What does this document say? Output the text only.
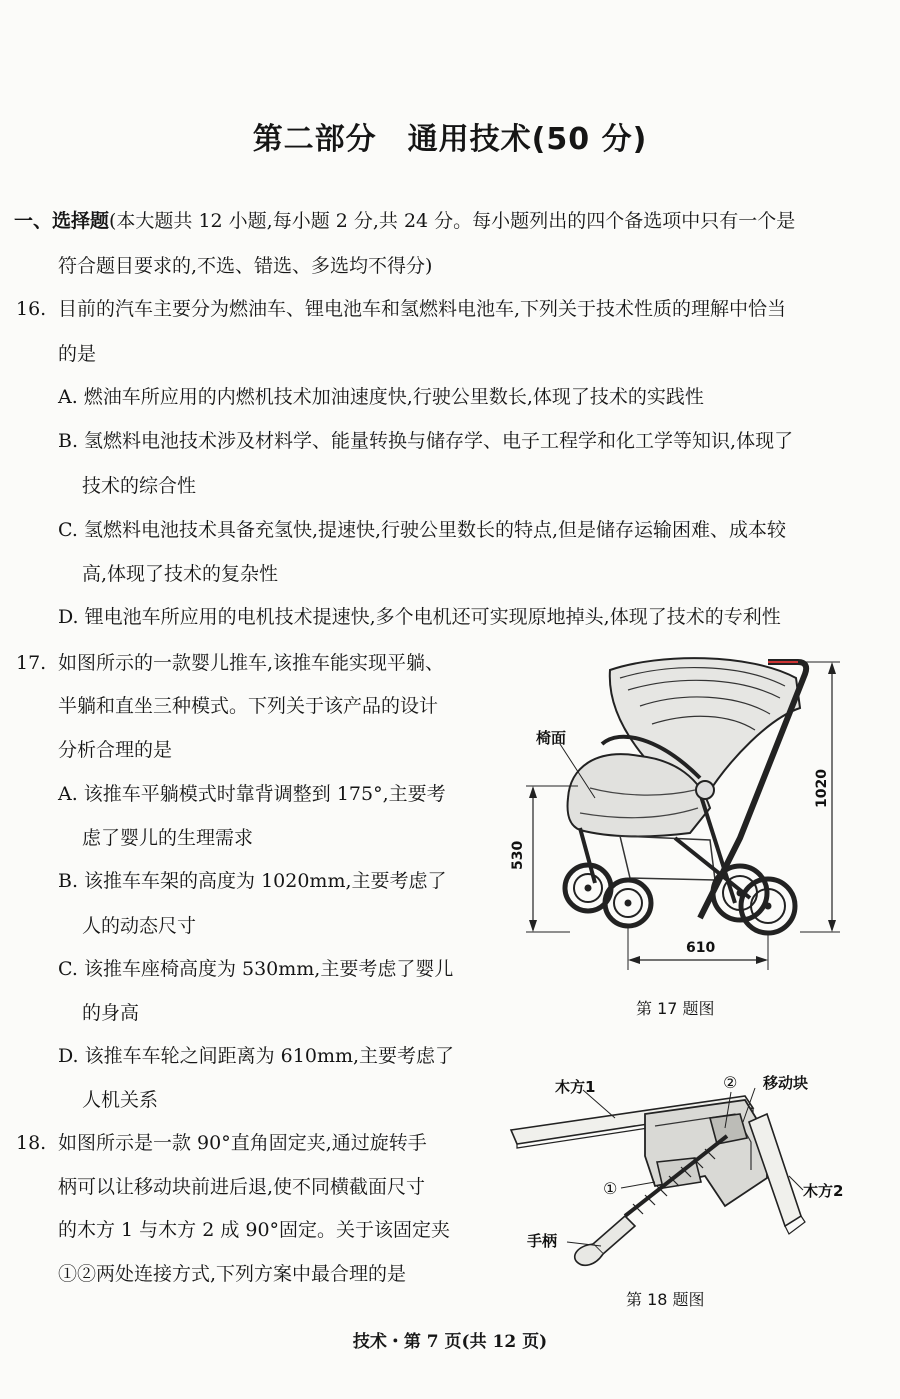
第二部分　通用技术(50 分)
一、选择题(本大题共 12 小题,每小题 2 分,共 24 分。每小题列出的四个备选项中只有一个是
符合题目要求的,不选、错选、多选均不得分)
16. 目前的汽车主要分为燃油车、锂电池车和氢燃料电池车,下列关于技术性质的理解中恰当
的是
A. 燃油车所应用的内燃机技术加油速度快,行驶公里数长,体现了技术的实践性
B. 氢燃料电池技术涉及材料学、能量转换与储存学、电子工程学和化工学等知识,体现了
技术的综合性
C. 氢燃料电池技术具备充氢快,提速快,行驶公里数长的特点,但是储存运输困难、成本较
高,体现了技术的复杂性
D. 锂电池车所应用的电机技术提速快,多个电机还可实现原地掉头,体现了技术的专利性
17. 如图所示的一款婴儿推车,该推车能实现平躺、
半躺和直坐三种模式。下列关于该产品的设计
分析合理的是
A. 该推车平躺模式时靠背调整到 175°,主要考
虑了婴儿的生理需求
B. 该推车车架的高度为 1020mm,主要考虑了
人的动态尺寸
C. 该推车座椅高度为 530mm,主要考虑了婴儿
的身高
D. 该推车车轮之间距离为 610mm,主要考虑了
人机关系
椅面
1020
530
610
第 17 题图
18. 如图所示是一款 90°直角固定夹,通过旋转手
柄可以让移动块前进后退,使不同横截面尺寸
的木方 1 与木方 2 成 90°固定。关于该固定夹
①②两处连接方式,下列方案中最合理的是
木方1	② 移动块
①	木方2
手柄
第 18 题图
技术・第 7 页(共 12 页)
